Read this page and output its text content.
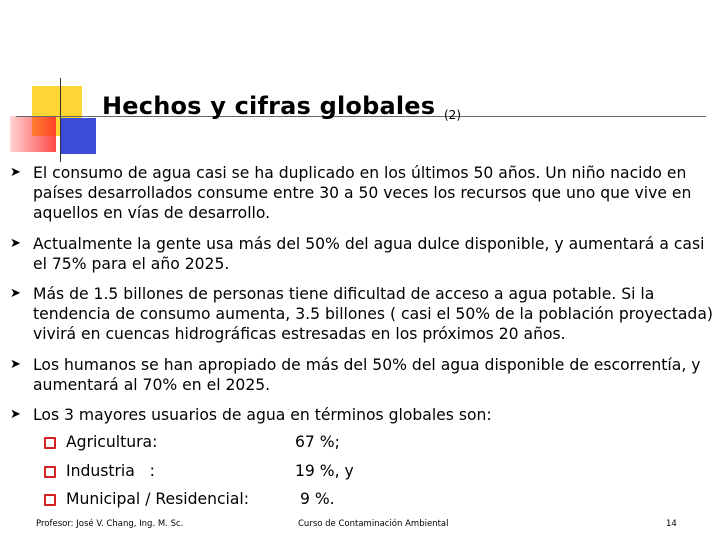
Hechos y cifras globales (2)
➤ El consumo de agua casi se ha duplicado en los últimos 50 años. Un niño nacido en países desarrollados consume entre 30 a 50 veces los recursos que uno que vive en aquellos en vías de desarrollo.
➤ Actualmente la gente usa más del 50% del agua dulce disponible, y aumentará a casi el 75% para el año 2025.
➤ Más de 1.5 billones de personas tiene dificultad de acceso a agua potable. Si la tendencia de consumo aumenta, 3.5 billones ( casi el 50% de la población proyectada) vivirá en cuencas hidrográficas estresadas en los próximos 20 años.
➤ Los humanos se han apropiado de más del 50% del agua disponible de escorrentía, y aumentará al 70% en el 2025.
➤ Los 3 mayores usuarios de agua en términos globales son:
Agricultura:	67 %;
Industria   :	19 %, y
Municipal / Residencial:	9 %.
Profesor: José V. Chang, Ing. M. Sc.	Curso de Contaminación Ambiental	14
